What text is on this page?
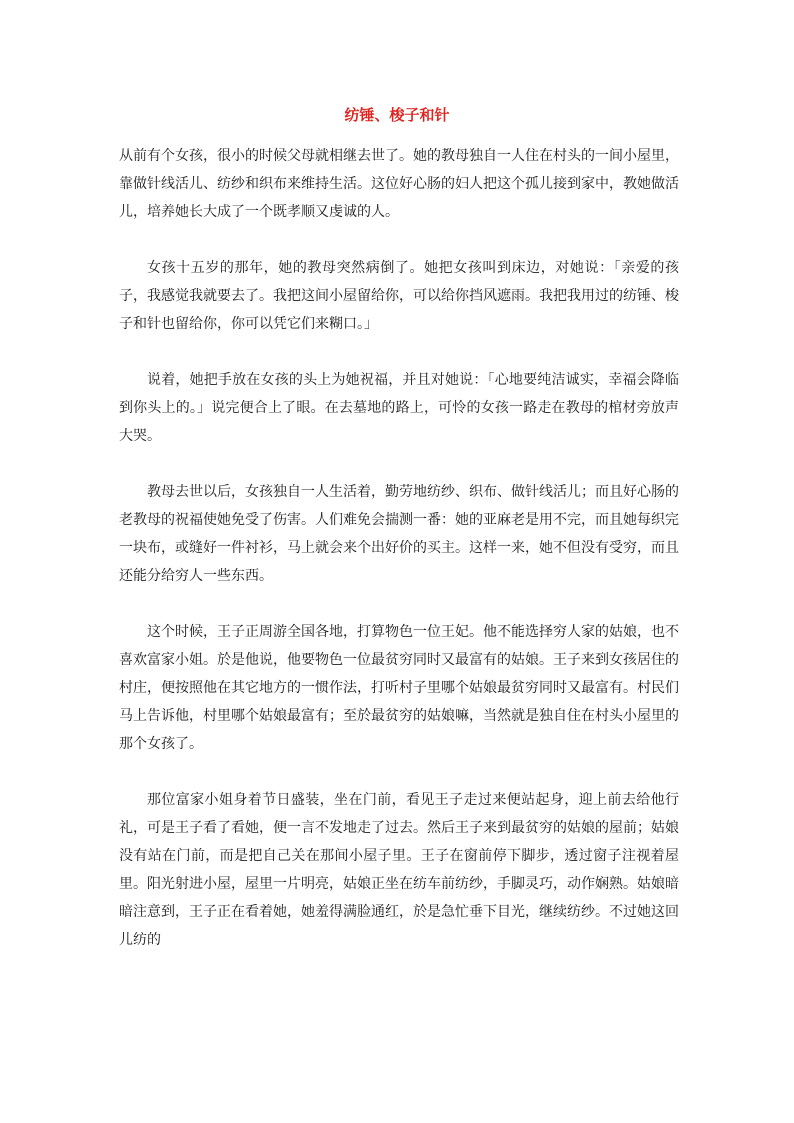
纺锤、梭子和针

从前有个女孩，很小的时候父母就相继去世了。她的教母独自一人住在村头的一间小屋里，靠做针线活儿、纺纱和织布来维持生活。这位好心肠的妇人把这个孤儿接到家中，教她做活儿，培养她长大成了一个既孝顺又虔诚的人。

女孩十五岁的那年，她的教母突然病倒了。她把女孩叫到床边，对她说：「亲爱的孩子，我感觉我就要去了。我把这间小屋留给你，可以给你挡风遮雨。我把我用过的纺锤、梭子和针也留给你，你可以凭它们来糊口。」

说着，她把手放在女孩的头上为她祝福，并且对她说：「心地要纯洁诚实，幸福会降临到你头上的。」说完便合上了眼。在去墓地的路上，可怜的女孩一路走在教母的棺材旁放声大哭。

教母去世以后，女孩独自一人生活着，勤劳地纺纱、织布、做针线活儿；而且好心肠的老教母的祝福使她免受了伤害。人们难免会揣测一番：她的亚麻老是用不完，而且她每织完一块布，或缝好一件衬衫，马上就会来个出好价的买主。这样一来，她不但没有受穷，而且还能分给穷人一些东西。

这个时候，王子正周游全国各地，打算物色一位王妃。他不能选择穷人家的姑娘，也不喜欢富家小姐。於是他说，他要物色一位最贫穷同时又最富有的姑娘。王子来到女孩居住的村庄，便按照他在其它地方的一惯作法，打听村子里哪个姑娘最贫穷同时又最富有。村民们马上告诉他，村里哪个姑娘最富有；至於最贫穷的姑娘嘛，当然就是独自住在村头小屋里的那个女孩了。

那位富家小姐身着节日盛装，坐在门前，看见王子走过来便站起身，迎上前去给他行礼，可是王子看了看她，便一言不发地走了过去。然后王子来到最贫穷的姑娘的屋前；姑娘没有站在门前，而是把自己关在那间小屋子里。王子在窗前停下脚步，透过窗子注视着屋里。阳光射进小屋，屋里一片明亮，姑娘正坐在纺车前纺纱，手脚灵巧，动作娴熟。姑娘暗暗注意到，王子正在看着她，她羞得满脸通红，於是急忙垂下目光，继续纺纱。不过她这回儿纺的
